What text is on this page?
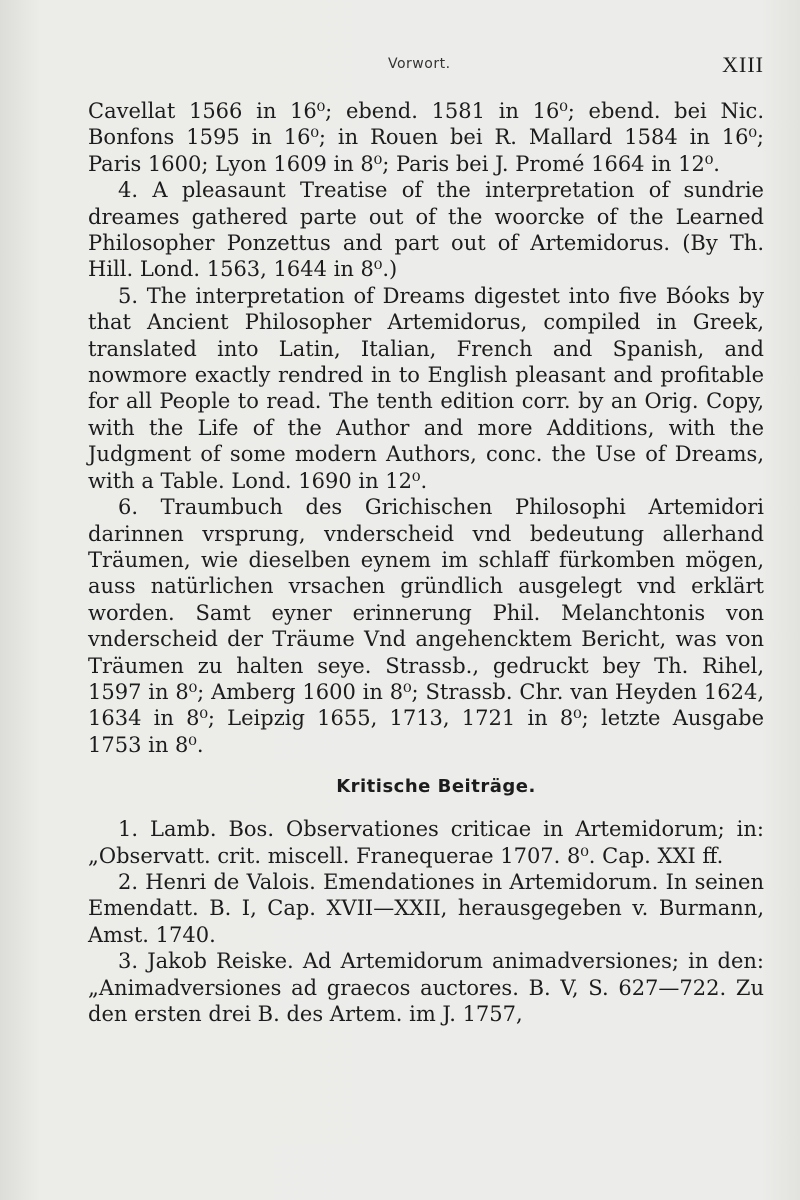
Vorwort.	XIII

Cavellat 1566 in 16⁰; ebend. 1581 in 16⁰; ebend. bei Nic. Bonfons 1595 in 16⁰; in Rouen bei R. Mallard 1584 in 16⁰; Paris 1600; Lyon 1609 in 8⁰; Paris bei J. Promé 1664 in 12⁰.

4. A pleasaunt Treatise of the interpretation of sundrie dreames gathered parte out of the woorcke of the Learned Philosopher Ponzettus and part out of Artemidorus. (By Th. Hill. Lond. 1563, 1644 in 8⁰.)

5. The interpretation of Dreams digestet into five Bóoks by that Ancient Philosopher Artemidorus, compiled in Greek, translated into Latin, Italian, French and Spanish, and nowmore exactly rendred in to English pleasant and profitable for all People to read. The tenth edition corr. by an Orig. Copy, with the Life of the Author and more Additions, with the Judgment of some modern Authors, conc. the Use of Dreams, with a Table. Lond. 1690 in 12⁰.

6. Traumbuch des Grichischen Philosophi Artemidori darinnen vrsprung, vnderscheid vnd bedeutung allerhand Träumen, wie dieselben eynem im schlaff fürkomben mögen, auss natürlichen vrsachen gründlich ausgelegt vnd erklärt worden. Samt eyner erinnerung Phil. Melanchtonis von vnderscheid der Träume Vnd angehencktem Bericht, was von Träumen zu halten seye. Strassb., gedruckt bey Th. Rihel, 1597 in 8⁰; Amberg 1600 in 8⁰; Strassb. Chr. van Heyden 1624, 1634 in 8⁰; Leipzig 1655, 1713, 1721 in 8⁰; letzte Ausgabe 1753 in 8⁰.

Kritische Beiträge.

1. Lamb. Bos. Observationes criticae in Artemidorum; in: „Observatt. crit. miscell. Franequerae 1707. 8⁰. Cap. XXI ff.

2. Henri de Valois. Emendationes in Artemidorum. In seinen Emendatt. B. I, Cap. XVII—XXII, herausgegeben v. Burmann, Amst. 1740.

3. Jakob Reiske. Ad Artemidorum animadversiones; in den: „Animadversiones ad graecos auctores. B. V, S. 627—722. Zu den ersten drei B. des Artem. im J. 1757,
